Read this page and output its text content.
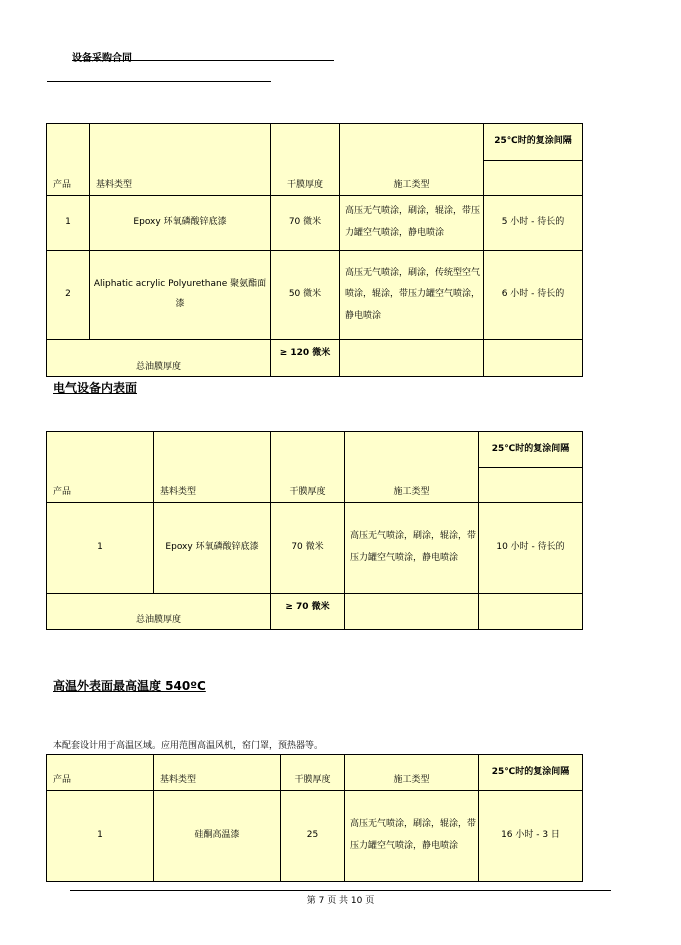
设备采购合同
产品	基料类型	干膜厚度	施工类型	25℃时的复涂间隔

1	Epoxy 环氧磷酸锌底漆	70 微米	高压无气喷涂，刷涂，辊涂，带压力罐空气喷涂，静电喷涂	5 小时 - 待长的
2	Aliphatic acrylic Polyurethane 聚氨酯面漆	50 微米	高压无气喷涂，刷涂，传统型空气喷涂，辊涂，带压力罐空气喷涂，静电喷涂	6 小时 - 待长的
总油膜厚度		≥ 120 微米		
电气设备内表面
产品	基料类型	干膜厚度	施工类型	25℃时的复涂间隔

1	Epoxy 环氧磷酸锌底漆	70 微米	高压无气喷涂，刷涂，辊涂，带压力罐空气喷涂，静电喷涂	10 小时 - 待长的
总油膜厚度		≥ 70 微米		
高温外表面最高温度 540ºC
本配套设计用于高温区域。应用范围高温风机，窑门罩，预热器等。
产品	基料类型	干膜厚度	施工类型	25℃时的复涂间隔
1	硅酮高温漆	25	高压无气喷涂，刷涂，辊涂，带压力罐空气喷涂，静电喷涂	16 小时 - 3 日
第 7 页 共 10 页
